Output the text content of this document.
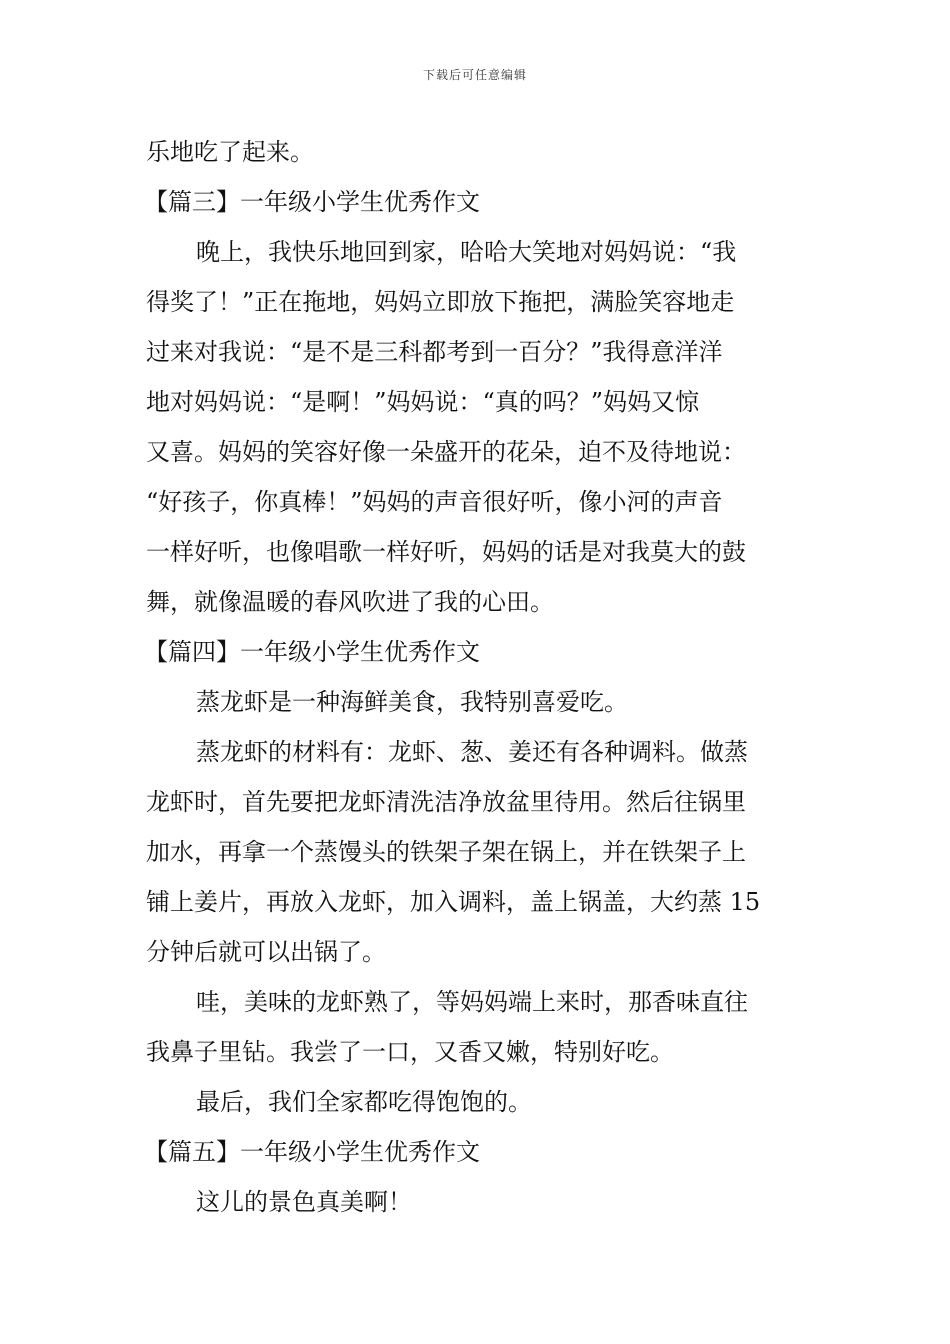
下载后可任意编辑
乐地吃了起来。
【篇三】一年级小学生优秀作文
晚上，我快乐地回到家，哈哈大笑地对妈妈说：“我
得奖了！”正在拖地，妈妈立即放下拖把，满脸笑容地走
过来对我说：“是不是三科都考到一百分？”我得意洋洋
地对妈妈说：“是啊！”妈妈说：“真的吗？”妈妈又惊
又喜。妈妈的笑容好像一朵盛开的花朵，迫不及待地说：
“好孩子，你真棒！”妈妈的声音很好听，像小河的声音
一样好听，也像唱歌一样好听，妈妈的话是对我莫大的鼓
舞，就像温暖的春风吹进了我的心田。
【篇四】一年级小学生优秀作文
蒸龙虾是一种海鲜美食，我特别喜爱吃。
蒸龙虾的材料有：龙虾、葱、姜还有各种调料。做蒸
龙虾时，首先要把龙虾清洗洁净放盆里待用。然后往锅里
加水，再拿一个蒸馒头的铁架子架在锅上，并在铁架子上
铺上姜片，再放入龙虾，加入调料，盖上锅盖，大约蒸 15
分钟后就可以出锅了。
哇，美味的龙虾熟了，等妈妈端上来时，那香味直往
我鼻子里钻。我尝了一口，又香又嫩，特别好吃。
最后，我们全家都吃得饱饱的。
【篇五】一年级小学生优秀作文
这儿的景色真美啊！
